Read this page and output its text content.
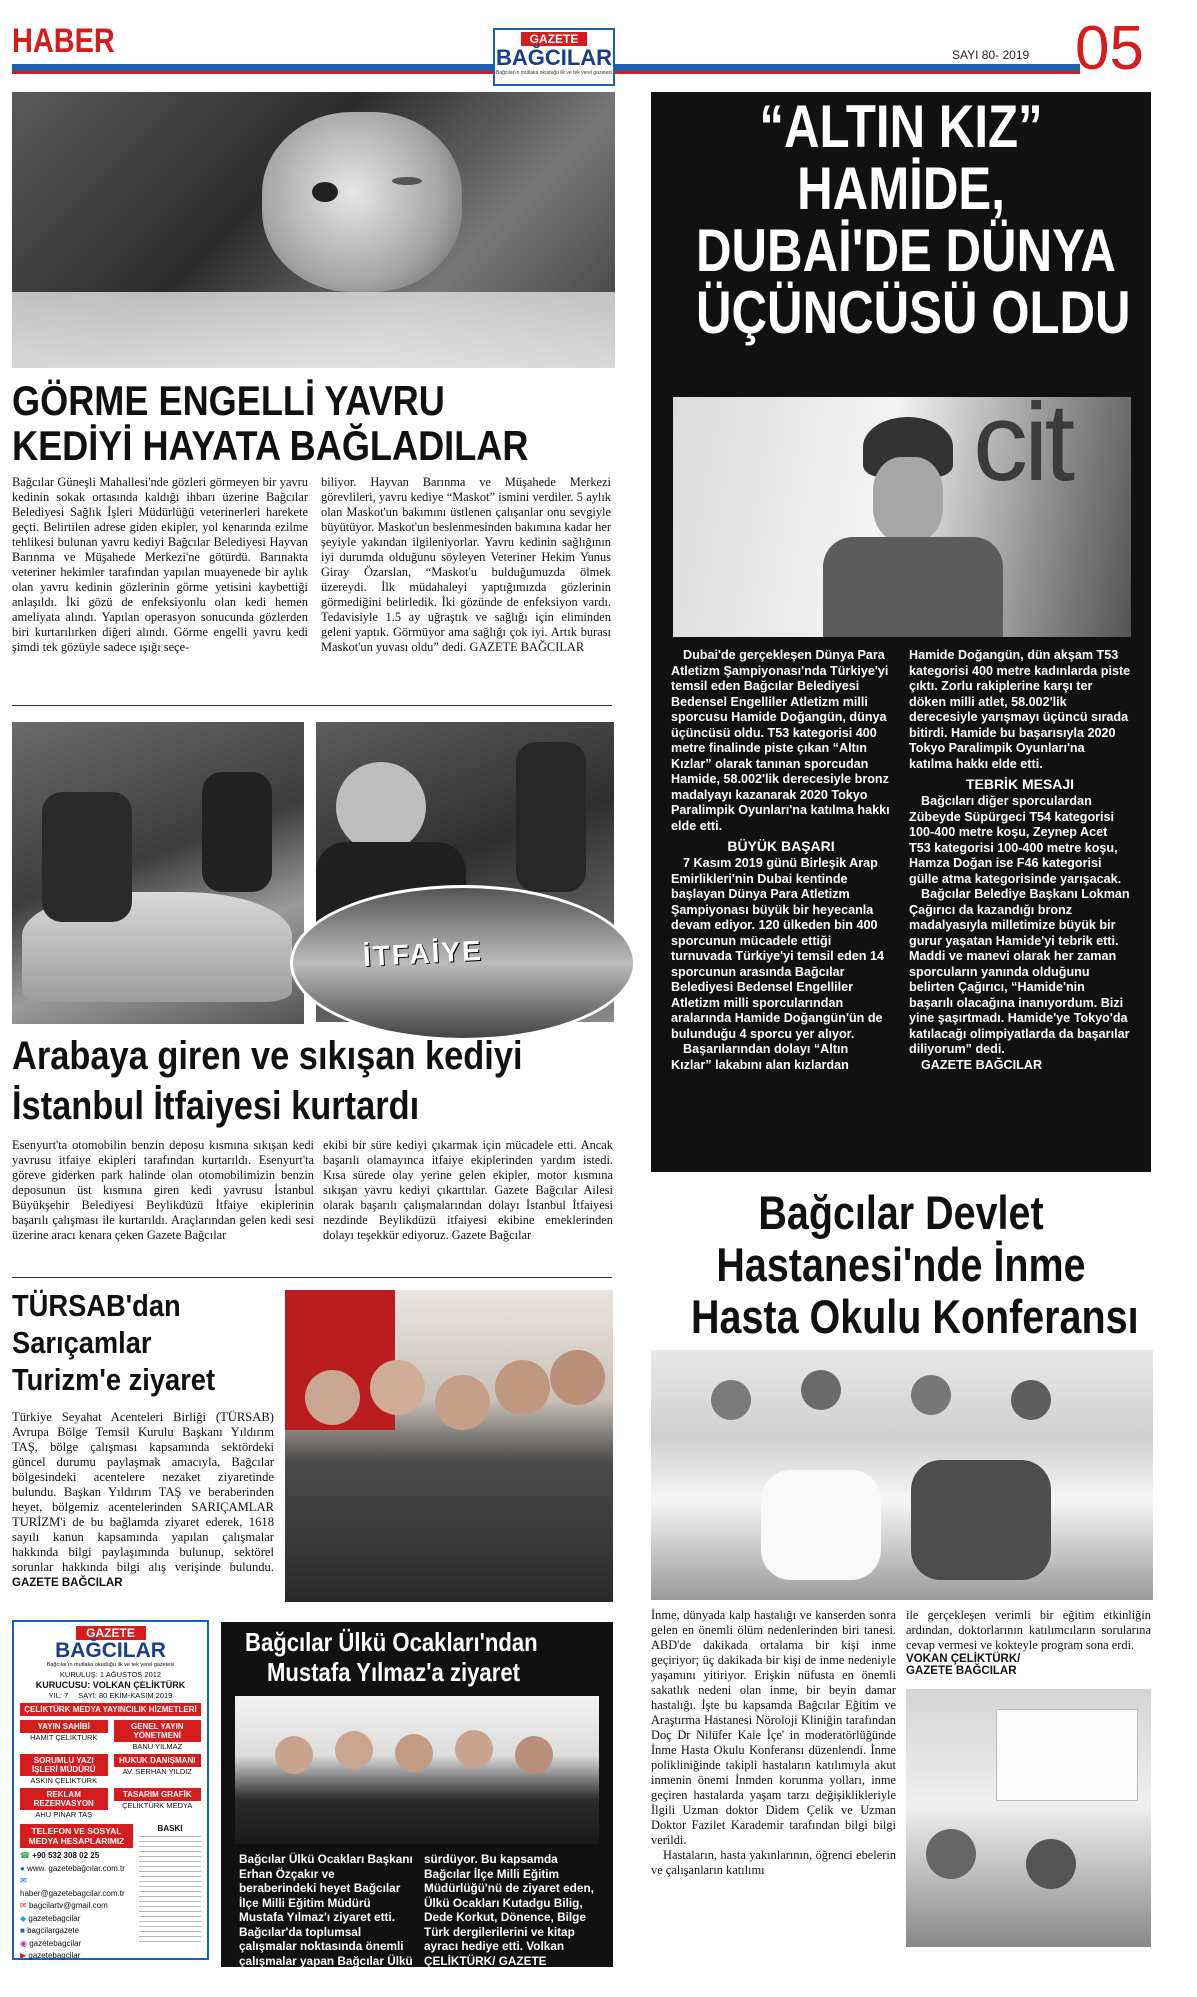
HABER	GAZETE
BAĞCILAR
Bağcılar'ın mutlaka okuduğu ilk ve tek yerel gazetesi
SAYI 80- 2019 05
GÖRME ENGELLİ YAVRU
KEDİYİ HAYATA BAĞLADILAR

Bağcılar Güneşli Mahallesi'nde gözleri görmeyen bir yavru kedinin sokak ortasında kaldığı ihbarı üzerine Bağcılar Belediyesi Sağlık İşleri Müdürlüğü veterinerleri harekete geçti. Belirtilen adrese giden ekipler, yol kenarında ezilme tehlikesi bulunan yavru kediyi Bağcılar Belediyesi Hayvan Barınma ve Müşahede Merkezi'ne götürdü. Barınakta veteriner hekimler tarafından yapılan muayenede bir aylık olan yavru kedinin gözlerinin görme yetisini kaybettiği anlaşıldı. İki gözü de enfeksiyonlu olan kedi hemen ameliyata alındı. Yapılan operasyon sonucunda gözlerden biri kurtarılırken diğeri alındı. Görme engelli yavru kedi şimdi tek gözüyle sadece ışığı seçe-

biliyor. Hayvan Barınma ve Müşahede Merkezi görevlileri, yavru kediye “Maskot” ismini verdiler. 5 aylık olan Maskot'un bakımını üstlenen çalışanlar onu sevgiyle büyütüyor. Maskot'un beslenmesinden bakımına kadar her şeyiyle yakından ilgileniyorlar. Yavru kedinin sağlığının iyi durumda olduğunu söyleyen Veteriner Hekim Yunus Giray Özarslan, “Maskot'u bulduğumuzda ölmek üzereydi. İlk müdahaleyi yaptığımızda gözlerinin görmediğini belirledik. İki gözünde de enfeksiyon vardı. Tedavisiyle 1.5 ay uğraştık ve sağlığı için eliminden geleni yaptık. Görmüyor ama sağlığı çok iyi. Artık burası Maskot'un yuvası oldu” dedi. GAZETE BAĞCILAR

İTFAİYE
Arabaya giren ve sıkışan kediyi
İstanbul İtfaiyesi kurtardı

Esenyurt'ta otomobilin benzin deposu kısmına sıkışan kedi yavrusu itfaiye ekipleri tarafından kurtarıldı. Esenyurt'ta göreve giderken park halinde olan otomobilimizin benzin deposunun üst kısmına giren kedi yavrusu İstanbul Büyükşehir Belediyesi Beylikdüzü İtfaiye ekiplerinin başarılı çalışması ile kurtarıldı. Araçlarından gelen kedi sesi üzerine aracı kenara çeken Gazete Bağcılar

ekibi bir süre kediyi çıkarmak için mücadele etti. Ancak başarılı olamayınca itfaiye ekiplerinden yardım istedi. Kısa sürede olay yerine gelen ekipler, motor kısmına sıkışan yavru kediyi çıkarttılar. Gazete Bağcılar Ailesi olarak başarılı çalışmalarından dolayı İstanbul İtfaiyesi nezdinde Beylikdüzü itfaiyesi ekibine emeklerinden dolayı teşekkür ediyoruz. Gazete Bağcılar

TÜRSAB'dan
Sarıçamlar
Turizm'e ziyaret

Türkiye Seyahat Acenteleri Birliği (TÜRSAB) Avrupa Bölge Temsil Kurulu Başkanı Yıldırım TAŞ, bölge çalışması kapsamında sektördeki güncel durumu paylaşmak amacıyla, Bağcılar bölgesindeki acentelere nezaket ziyaretinde bulundu. Başkan Yıldırım TAŞ ve beraberinden heyet, bölgemiz acentelerinden SARIÇAMLAR TURİZM'i de bu bağlamda ziyaret ederek, 1618 sayılı kanun kapsamında yapılan çalışmalar hakkında bilgi paylaşımında bulunup, sektörel sorunlar hakkında bilgi alış verişinde bulundu. GAZETE BAĞCILAR

GAZETE
BAĞCILAR
Bağcılar'ın mutlaka okuduğu ilk ve tek yerel gazetesi
KURULUŞ: 1 AĞUSTOS 2012
KURUCUSU: VOLKAN ÇELİKTÜRK
YIL: 7 SAYI: 80 EKİM-KASIM 2019
ÇELİKTÜRK MEDYA YAYINCILIK HİZMETLERİ
YAYIN SAHİBİ
HAMİT ÇELİKTÜRK
GENEL YAYIN YÖNETMENİ
BANU YILMAZ
SORUMLU YAZI İŞLERİ MÜDÜRÜ
ASKIN ÇELİKTÜRK
HUKUK DANIŞMANI
AV. SERHAN YILDIZ
REKLAM REZERVASYON
AHU PINAR TAŞ
TASARIM GRAFİK
ÇELİKTÜRK MEDYA
TELEFON VE SOSYAL MEDYA HESAPLARIMIZ
☎ +90 532 308 02 25
● www. gazetebağcılar.com.tr
✉ haber@gazetebagcilar.com.tr
✉ bagcilartv@gmail.com
◆ gazetebagcilar
■ bagcilargazete
◉ gazetebagcilar
▶ gazetebagcilar
BASKI
Bağcılar Ülkü Ocakları'ndan
Mustafa Yılmaz'a ziyaret
Bağcılar Ülkü Ocakları Başkanı Erhan Özçakır ve beraberindeki heyet Bağcılar İlçe Milli Eğitim Müdürü Mustafa Yılmaz'ı ziyaret etti. Bağcılar'da toplumsal çalışmalar noktasında önemli çalışmalar yapan Bağcılar Ülkü Ocakları ilçe protokolü ziyaretlerini
sürdüyor. Bu kapsamda Bağcılar İlçe Milli Eğitim Müdürlüğü'nü de ziyaret eden, Ülkü Ocakları Kutadgu Bilig, Dede Korkut, Dönence, Bilge Türk dergilerilerini ve kitap ayracı hediye etti. Volkan ÇELİKTÜRK/ GAZETE BAĞCILAR
“ALTIN KIZ”
HAMİDE,
DUBAİ'DE DÜNYA
ÜÇÜNCÜSÜ OLDU
cit
Dubai'de gerçekleşen Dünya Para Atletizm Şampiyonası'nda Türkiye'yi temsil eden Bağcılar Belediyesi Bedensel Engelliler Atletizm milli sporcusu Hamide Doğangün, dünya üçüncüsü oldu. T53 kategorisi 400 metre finalinde piste çıkan “Altın Kızlar” olarak tanınan sporcudan Hamide, 58.002'lik derecesiyle bronz madalyayı kazanarak 2020 Tokyo Paralimpik Oyunları'na katılma hakkı elde etti.
BÜYÜK BAŞARI
7 Kasım 2019 günü Birleşik Arap Emirlikleri'nin Dubai kentinde başlayan Dünya Para Atletizm Şampiyonası büyük bir heyecanla devam ediyor. 120 ülkeden bin 400 sporcunun mücadele ettiği turnuvada Türkiye'yi temsil eden 14 sporcunun arasında Bağcılar Belediyesi Bedensel Engelliler Atletizm milli sporcularından aralarında Hamide Doğangün'ün de bulunduğu 4 sporcu yer alıyor.
Başarılarından dolayı “Altın Kızlar” lakabını alan kızlardan
Hamide Doğangün, dün akşam T53 kategorisi 400 metre kadınlarda piste çıktı. Zorlu rakiplerine karşı ter döken milli atlet, 58.002'lik derecesiyle yarışmayı üçüncü sırada bitirdi. Hamide bu başarısıyla 2020 Tokyo Paralimpik Oyunları'na katılma hakkı elde etti.
TEBRİK MESAJI
Bağcıları diğer sporculardan Zübeyde Süpürgeci T54 kategorisi 100-400 metre koşu, Zeynep Acet T53 kategorisi 100-400 metre koşu, Hamza Doğan ise F46 kategorisi gülle atma kategorisinde yarışacak.
Bağcılar Belediye Başkanı Lokman Çağırıcı da kazandığı bronz madalyasıyla milletimize büyük bir gurur yaşatan Hamide'yi tebrik etti. Maddi ve manevi olarak her zaman sporcuların yanında olduğunu belirten Çağırıcı, “Hamide'nin başarılı olacağına inanıyordum. Bizi yine şaşırtmadı. Hamide'ye Tokyo'da katılacağı olimpiyatlarda da başarılar diliyorum” dedi.
GAZETE BAĞCILAR
Bağcılar Devlet
Hastanesi'nde İnme
Hasta Okulu Konferansı

İnme, dünyada kalp hastalığı ve kanserden sonra gelen en önemli ölüm nedenlerinden biri tanesi. ABD'de dakikada ortalama bir kişi inme geçiriyor; üç dakikada bir kişi de inme nedeniyle yaşamını yitiriyor. Erişkin nüfusta en önemli sakatlık nedeni olan inme, bir beyin damar hastalığı. İşte bu kapsamda Bağcılar Eğitim ve Araştırma Hastanesi Nöroloji Kliniğin tarafından Doç Dr Nilüfer Kale İçe' in moderatörlüğünde İnme Hasta Okulu Konferansı düzenlendi. İnme polikliniğinde takipli hastaların katılımıyla akut inmenin önemi İnmden korunma yolları, inme geçiren hastalarda yaşam tarzı değişiklikleriyle İlgili Uzman doktor Didem Çelik ve Uzman Doktor Fazilet Karademir tarafından bilgi bilgi verildi.
Hastaların, hasta yakınlarının, öğrenci ebelerin ve çalışanların katılımı

ile gerçekleşen verimli bir eğitim etkinliğin ardından, doktorlarının katılımcıların sorularına cevap vermesi ve kokteyle program sona erdi.

VOKAN ÇELİKTÜRK/
GAZETE BAĞCILAR
